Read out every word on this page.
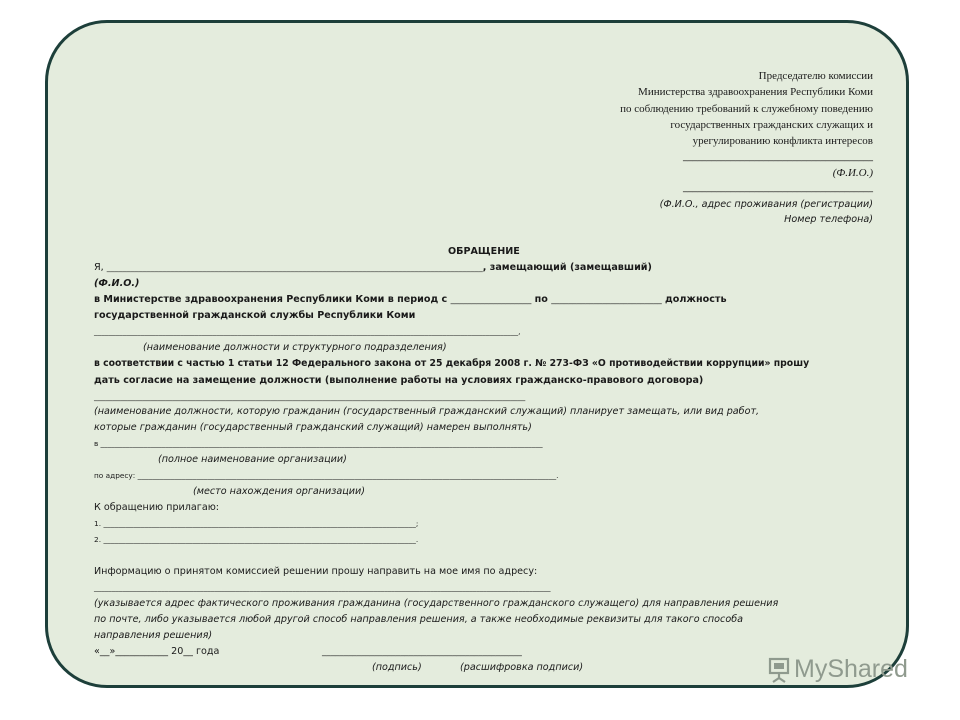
Председателю комиссии
Министерства здравоохранения Республики Коми
по соблюдению требований к служебному поведению
государственных гражданских служащих и
урегулированию конфликта интересов
________________________________________
(Ф.И.О.)
________________________________________
(Ф.И.О., адрес проживания (регистрации)
Номер телефона)
ОБРАЩЕНИЕ
Я, ______________________________________________________________________________________________, замещающий (замещавший)
(Ф.И.О.)
в Министерстве здравоохранения Республики Коми в период с ___________________ по __________________________ должность
государственной гражданской службы Республики Коми
______________________________________________________________________________________________________________________,
(наименование должности и структурного подразделения)
в соответствии с частью 1 статьи 12 Федерального закона от 25 декабря 2008 г. № 273-ФЗ «О противодействии коррупции» прошу
дать согласие на замещение должности (выполнение работы на условиях гражданско-правового договора)
___________________________________________________________________________________________________________________
(наименование должности, которую гражданин (государственный гражданский служащий) планирует замещать, или вид работ,
которые гражданин (государственный гражданский служащий) намерен выполнять)
в ___________________________________________________________________________________________________________________________
(полное наименование организации)
по адресу: __________________________________________________________________________________________________________________.
(место нахождения организации)
К обращению прилагаю:
1. ____________________________________________________________________________________;
2. ____________________________________________________________________________________.
Информацию о принятом комиссией решении прошу направить на мое имя по адресу:
_________________________________________________________________________________________________________________________________
(указывается адрес фактического проживания гражданина (государственного гражданского служащего) для направления решения
по почте, либо указывается любой другой способ направления решения, а также необходимые реквизиты для такого способа
направления решения)
«__»___________ 20__ года	______________________________________________
(подпись)	(расшифровка подписи)	MyShared
